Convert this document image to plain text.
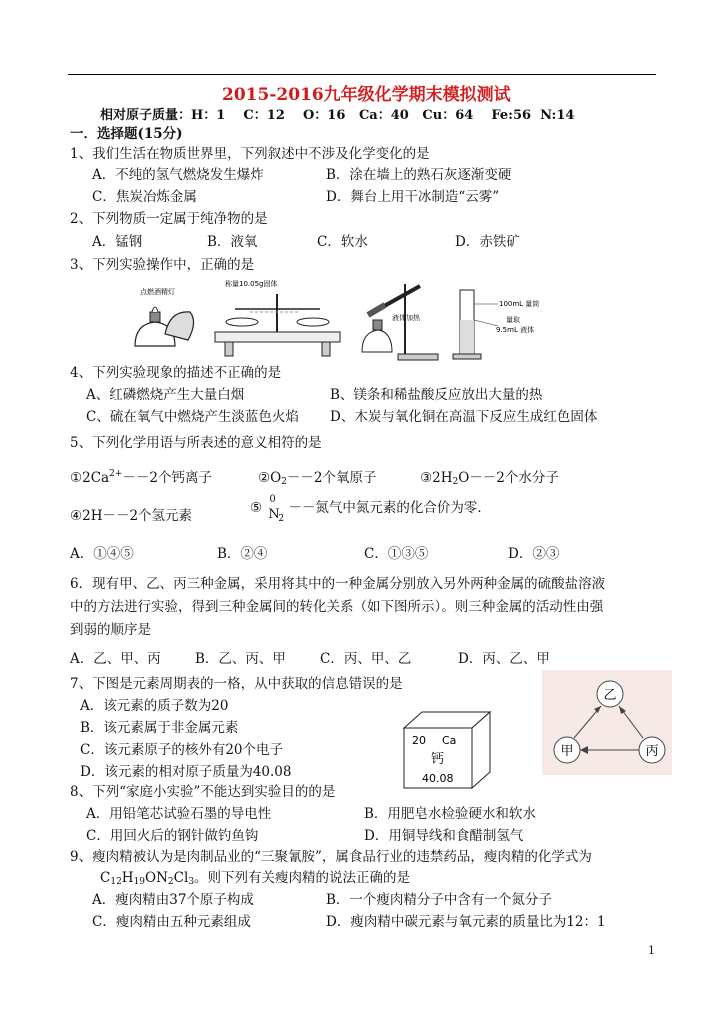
2015-2016九年级化学期末模拟测试
相对原子质量：H：1    C：12    O：16   Ca：40   Cu：64    Fe:56  N:14
一．选择题(15分)
1、我们生活在物质世界里，下列叙述中不涉及化学变化的是
A．不纯的氢气燃烧发生爆炸	B．涂在墙上的熟石灰逐渐变硬
C．焦炭冶炼金属	D．舞台上用干冰制造“云雾”
2、下列物质一定属于纯净物的是
A．锰钢	B．液氧	C．软水	D．赤铁矿
3、下列实验操作中，正确的是
点燃酒精灯
称量10.05g固体
液体加热
100mL 量筒
量取
9.5mL 液体
4、下列实验现象的描述不正确的是
A、红磷燃烧产生大量白烟	B、镁条和稀盐酸反应放出大量的热
C、硫在氧气中燃烧产生淡蓝色火焰 D、木炭与氧化铜在高温下反应生成红色固体
5、下列化学用语与所表述的意义相符的是
$①2Ca^{2+}--2$个钙离子	$②O_2--2$个氧原子	$③2H_2O--2$个水分子
④2H－－2个氢元素	⑤
0
N
2
－－氮气中氮元素的化合价为零．
A．①④⑤	B．②④	C．①③⑤	D．②③
6．现有甲、乙、丙三种金属，采用将其中的一种金属分别放入另外两种金属的硫酸盐溶液
中的方法进行实验，得到三种金属间的转化关系（如下图所示）。则三种金属的活动性由强
到弱的顺序是
A．乙、甲、丙	B．乙、丙、甲	C．丙、甲、乙	D．丙、乙、甲
乙
甲	丙
7、下图是元素周期表的一格，从中获取的信息错误的是
A．该元素的质子数为20
B．该元素属于非金属元素
C．该元素原子的核外有20个电子
D．该元素的相对原子质量为40.08
20 Ca
钙
40.08
8、下列“家庭小实验”不能达到实验目的的是
A．用铅笔芯试验石墨的导电性	B．用肥皂水检验硬水和软水
C．用回火后的钢针做钓鱼钩	D．用铜导线和食醋制氢气
9、瘦肉精被认为是肉制品业的“三聚氰胺”，属食品行业的违禁药品，瘦肉精的化学式为
$C_{12}H_{19}ON_2Cl_3$。则下列有关瘦肉精的说法正确的是
A．瘦肉精由37个原子构成	B．一个瘦肉精分子中含有一个氮分子
C．瘦肉精由五种元素组成	D．瘦肉精中碳元素与氧元素的质量比为12：1
1
